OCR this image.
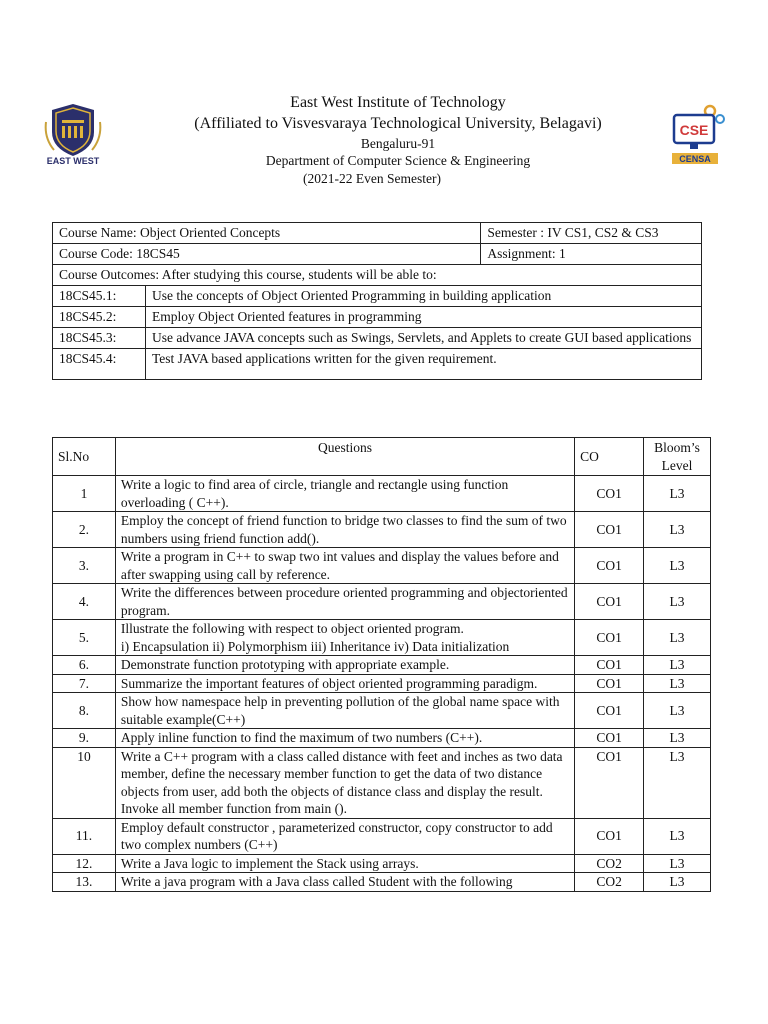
EAST WEST
CSE
CENSA
East West Institute of Technology
(Affiliated to Visvesvaraya Technological University, Belagavi)
Bengaluru-91
Department of Computer Science & Engineering
(2021-22 Even Semester)
Course Name: Object Oriented Concepts		Semester : IV CS1, CS2 & CS3
Course Code: 18CS45		Assignment: 1
Course Outcomes: After studying this course, students will be able to:		
18CS45.1:	Use the concepts of Object Oriented Programming in building application	
18CS45.2:	Employ Object Oriented features in programming	
18CS45.3:	Use advance JAVA concepts such as Swings, Servlets, and Applets to create GUI based applications	
18CS45.4:	Test JAVA based applications written for the given requirement.	
Sl.No	Questions	CO	Bloom’s Level
1	Write a logic to find area of circle, triangle and rectangle using function overloading ( C++).	CO1	L3
2.	Employ the concept of friend function to bridge two classes to find the sum of two numbers using friend function add().	CO1	L3
3.	Write a program in C++ to swap two int values and display the values before and after swapping using call by reference.	CO1	L3
4.	Write the differences between procedure oriented programming and objectoriented program.	CO1	L3
5.	Illustrate the following with respect to object oriented program.
i) Encapsulation ii) Polymorphism iii) Inheritance iv) Data initialization	CO1	L3
6.	Demonstrate function prototyping with appropriate example.	CO1	L3
7.	Summarize the important features of object oriented programming paradigm.	CO1	L3
8.	Show how namespace help in preventing pollution of the global name space with suitable example(C++)	CO1	L3
9.	Apply inline function to find the maximum of two numbers (C++).	CO1	L3
10	Write a C++ program with a class called distance with feet and inches as two data member, define the necessary member function to get the data of two distance objects from user, add both the objects of distance class and display the result. Invoke all member function from main ().	CO1	L3
11.	Employ default constructor , parameterized constructor, copy constructor to add two complex numbers (C++)	CO1	L3
12.	Write a Java logic to implement the Stack using arrays.	CO2	L3
13.	Write a java program with a Java class called Student with the following	CO2	L3
